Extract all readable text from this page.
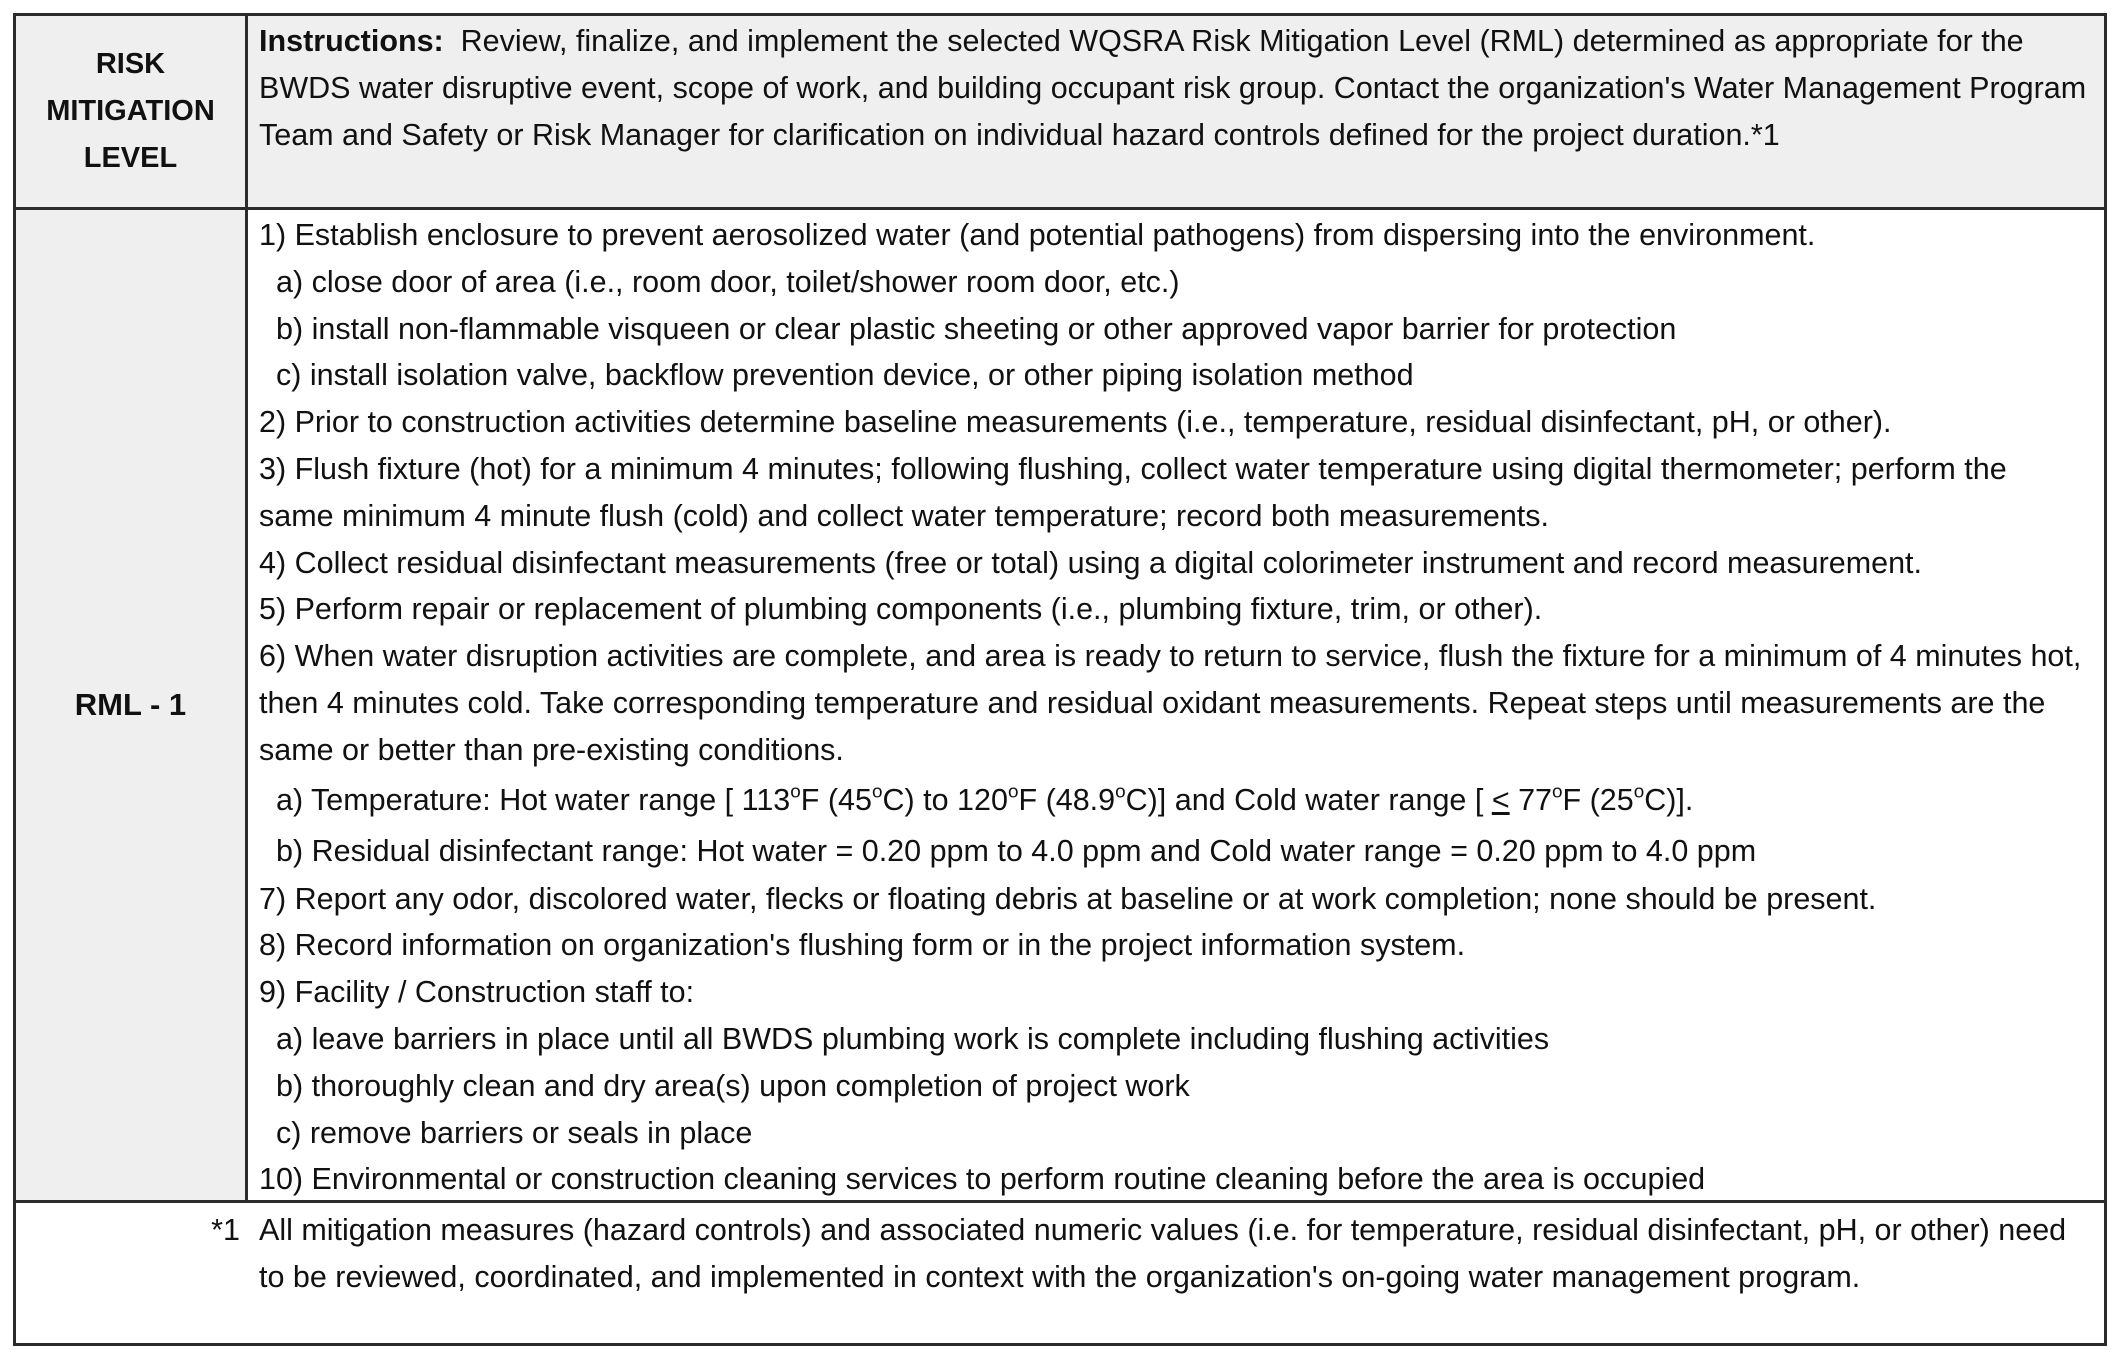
RISK
MITIGATION
LEVEL
Instructions: Review, finalize, and implement the selected WQSRA Risk Mitigation Level (RML) determined as appropriate for the BWDS water disruptive event, scope of work, and building occupant risk group. Contact the organization's Water Management Program Team and Safety or Risk Manager for clarification on individual hazard controls defined for the project duration.*1
RML - 1

1) Establish enclosure to prevent aerosolized water (and potential pathogens) from dispersing into the environment.

a) close door of area (i.e., room door, toilet/shower room door, etc.)

b) install non-flammable visqueen or clear plastic sheeting or other approved vapor barrier for protection

c) install isolation valve, backflow prevention device, or other piping isolation method

2) Prior to construction activities determine baseline measurements (i.e., temperature, residual disinfectant, pH, or other).

3) Flush fixture (hot) for a minimum 4 minutes; following flushing, collect water temperature using digital thermometer; perform the same minimum 4 minute flush (cold) and collect water temperature; record both measurements.

4) Collect residual disinfectant measurements (free or total) using a digital colorimeter instrument and record measurement.

5) Perform repair or replacement of plumbing components (i.e., plumbing fixture, trim, or other).

6) When water disruption activities are complete, and area is ready to return to service, flush the fixture for a minimum of 4 minutes hot, then 4 minutes cold. Take corresponding temperature and residual oxidant measurements. Repeat steps until measurements are the same or better than pre-existing conditions.

a) Temperature: Hot water range [ 113$^o$F (45$^o$C) to 120$^o$F (48.9$^o$C)] and Cold water range [ ≤ $77^oF$ (25$^o$C)].

b) Residual disinfectant range: Hot water = 0.20 ppm to 4.0 ppm and Cold water range = 0.20 ppm to 4.0 ppm

7) Report any odor, discolored water, flecks or floating debris at baseline or at work completion; none should be present.

8) Record information on organization's flushing form or in the project information system.

9) Facility / Construction staff to:

a) leave barriers in place until all BWDS plumbing work is complete including flushing activities

b) thoroughly clean and dry area(s) upon completion of project work

c) remove barriers or seals in place

10) Environmental or construction cleaning services to perform routine cleaning before the area is occupied

*1 All mitigation measures (hazard controls) and associated numeric values (i.e. for temperature, residual disinfectant, pH, or other) need to be reviewed, coordinated, and implemented in context with the organization's on-going water management program.
